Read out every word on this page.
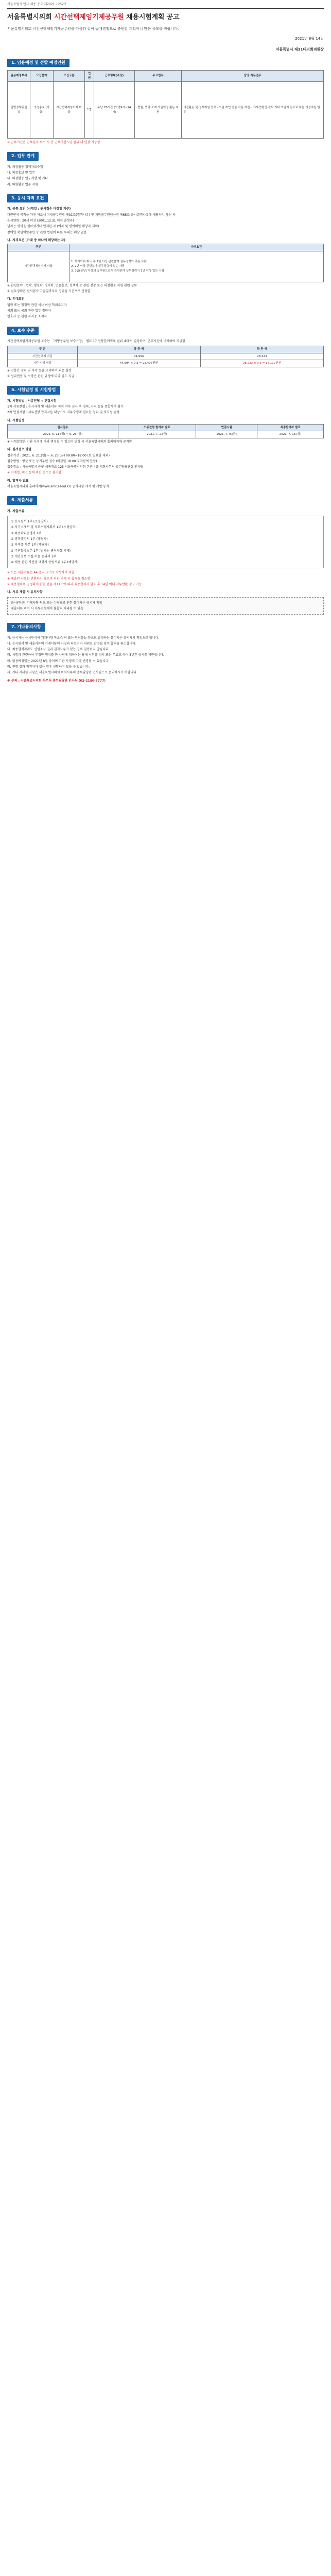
서울특별시 인사 채용 공고 제2021 - 252호
서울특별시의회 시간선택제임기제공무원 채용시험계획 공고
서울특별시의회 시간선택제임기제공무원을 다음과 같이 공개경쟁으로 충원할 계획이니 많은 응모를 바랍니다.
2021년 6월 14일
서울특별시 제11대의회의원장
1. 임용예정 및 선발 예정인원
임용예정부서	모집분야	모집구분	인원	근무형태(주당)	주요업무	담당 직무업무
입법정책위원실	의정홍보 (가급)	시간선택제임기제 마급	1명	주당 20시간 (오전9시~14시)	법률, 법령 조례 의원의정 활동 지원	의정활동 및 정책지원 업무 · 의원 개인 법률 자문 지원 · 조례·법령안 검토 기타 의원이 필요로 하는 의정지원 업무
※ 근무기간은 근무실적 우수 시 총 근무기간 5년 범위 내 연장 가능함
2. 업무 관계
가. 의정활동 정책자료수집
나. 의정홍보 및 업무
다. 의정활동 연구개발 및 기타
라. 의원활동 업무 지원
3. 응시 자격 요건
가. 공통 요건 (시험일 : 원서접수 마감일 기준)
대한민국 국적을 가진 자로서 지방공무원법 제31조(결격사유) 및 지방공무원임용령 제65조 응시결격사유에 해당하지 않는 자
응시연령 : 20세 이상 (2001.12.31 이전 출생자)
남자는 병역을 필하였거나 면제된 자 (여자 및 병역미필 해당자 제외)
장애인·북한이탈주민 등 관련 법령에 따른 우대는 해당 없음
나. 자격요건 (아래 중 하나에 해당하는 자)
구분	자격요건
시간선택제임기제 마급	1. 학사학위 취득 후 1년 이상 관련분야 실무경력이 있는 사람
2. 2년 이상 관련분야 실무경력이 있는 사람
3. 7급(상당) 이상의 공무원으로서 관련분야 실무경력이 1년 이상 있는 사람
※ 관련분야 : 법학, 행정학, 정치학, 언론홍보, 정책학 등 관련 전공 또는 의정활동 지원 관련 실무
※ 실무경력은 원서접수 마감일까지의 경력을 기준으로 산정함
다. 우대요건
법학 또는 행정학 관련 석사 이상 학위소지자
의회 또는 국회 관련 업무 경력자
변호사 등 관련 자격증 소지자
4. 보수 수준
시간선택제임기제공무원 보수는 「지방공무원 보수규정」 별표 17 연봉한계액표 범위 내에서 결정하며, 근무시간에 비례하여 지급함
구 분	상 한 액	하 한 액
시간선택제 마급	44,994	28,223
시간 비례 연봉	44,994 × 0.5 = 22,497천원	28,223 × 0.5 = 14,112천원
※ 연봉은 경력 및 자격 등을 고려하여 최종 결정
※ 성과연봉 및 수당은 관련 규정에 따라 별도 지급
5. 시험일정 및 시험방법
가. 시험방법 : 서류전형 → 면접시험
1차 서류전형 : 응시자격 및 제출서류 적격 여부 심사 후 경력, 자격 등을 종합하여 평가
2차 면접시험 : 서류전형 합격자를 대상으로 직무수행에 필요한 능력 및 적격성 검정
나. 시험일정
원서접수	서류전형 합격자 발표	면접시험	최종합격자 발표
2021. 6. 21.(월) ~ 6. 25.(금)	2021. 7. 2.(금)	2021. 7. 9.(금)	2021. 7. 16.(금)
※ 시험일정은 기관 사정에 따라 변경될 수 있으며 변경 시 서울특별시의회 홈페이지에 공지함
다. 원서접수 방법
접수기간 : 2021. 6. 21.(월) ~ 6. 25.(금) 09:00~18:00 (토·일요일 제외)
접수방법 : 방문 또는 등기우편 접수 (마감일 18:00 도착분에 한함)
접수장소 : 서울특별시 중구 세종대로 125 서울특별시의회 본관 4층 의회사무처 총무담당관실 인사팀
※ 이메일, 팩스 등에 의한 접수는 불가함
라. 합격자 발표
서울특별시의회 홈페이지(www.smc.seoul.kr) 공지사항 게시 및 개별 통지
6. 제출서류
가. 제출서류
① 응시원서 1부 (소정양식)
② 자기소개서 및 직무수행계획서 1부 (소정양식)
③ 최종학력증명서 1부
④ 경력증명서 1부 (해당자)
⑤ 자격증 사본 1부 (해당자)
⑥ 주민등록초본 1부 (남자는 병적사항 기재)
⑦ 개인정보 수집·이용 동의서 1부
⑧ 채용 관련 가산점 대상자 증빙서류 1부 (해당자)
※ 모든 제출서류는 A4 용지 크기로 작성하여 제출
※ 제출된 서류는 반환하지 않으며 허위 기재 시 합격을 취소함
※ 채용절차의 공정화에 관한 법률 제11조에 따라 최종합격자 발표 후 14일 이내 서류반환 청구 가능
나. 서류 제출 시 유의사항
응시원서의 기재사항 착오 또는 누락으로 인한 불이익은 응시자 책임
제출서류 미비 시 서류전형에서 불합격 처리될 수 있음
7. 기타유의사항
가. 응시자는 응시원서의 기재사항 착오·누락 또는 연락불능 등으로 발생하는 불이익은 응시자의 책임으로 합니다.
나. 응시원서 및 제출서류의 기재사항이 사실과 다르거나 허위로 판명될 경우 합격을 취소합니다.
다. 최종합격자라도 신원조사 결과 결격사유가 있는 경우 임용하지 않습니다.
라. 시험과 관련하여 부정한 행위를 한 사람에 대하여는 당해 시험을 정지 또는 무효로 하며 5년간 응시를 제한합니다.
마. 임용예정일은 2021년 8월 중이며 기관 사정에 따라 변경될 수 있습니다.
바. 전형 결과 적격자가 없는 경우 선발하지 않을 수 있습니다.
사. 기타 자세한 사항은 서울특별시의회 의회사무처 총무담당관 인사팀으로 문의하시기 바랍니다.
※ 문의 : 서울특별시의회 사무처 총무담당관 인사팀 (02-2180-7777)
